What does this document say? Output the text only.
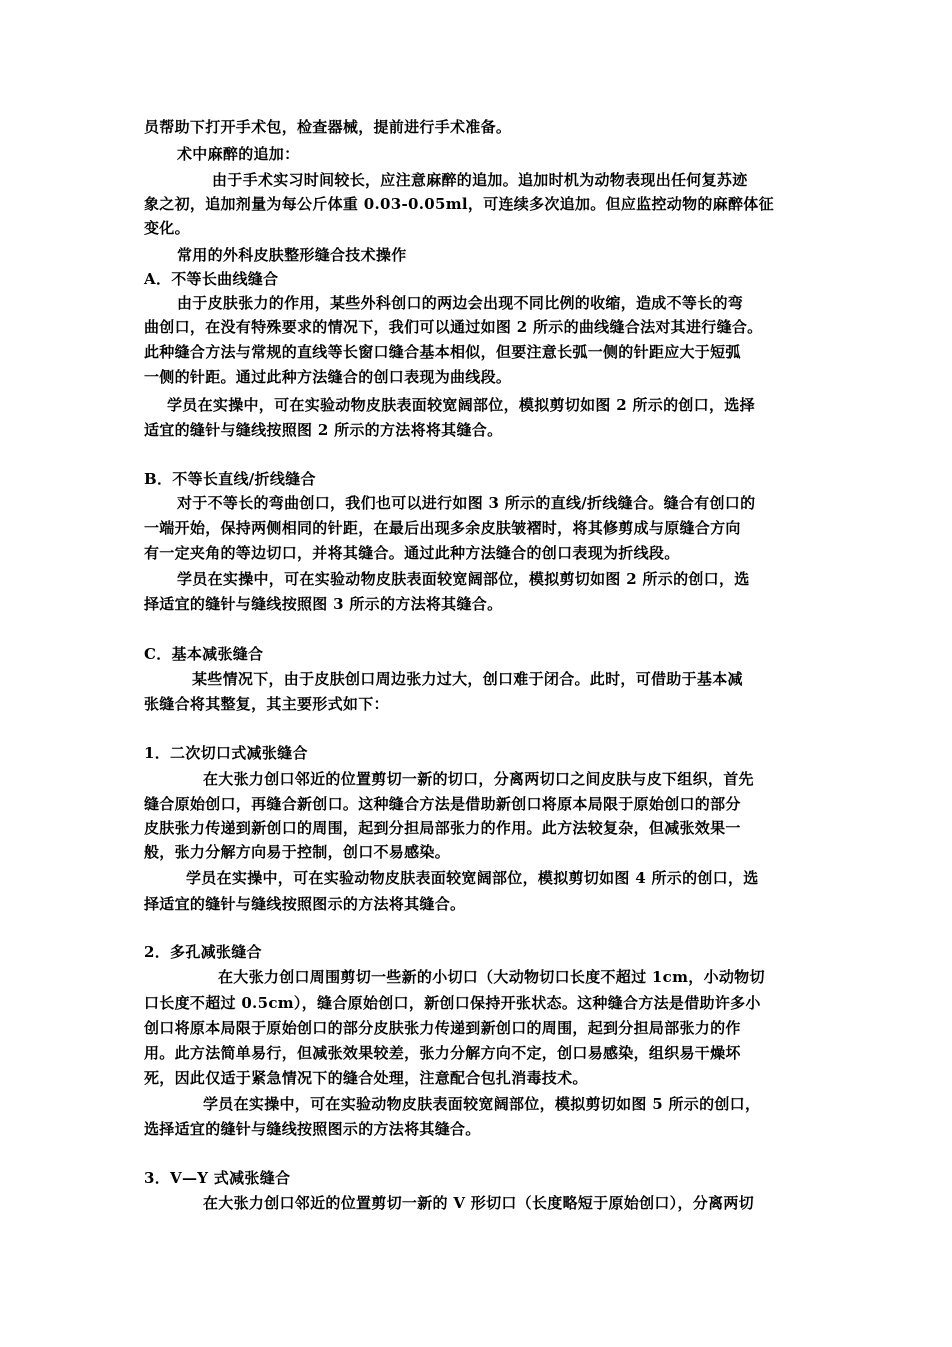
员帮助下打开手术包，检查器械，提前进行手术准备。
术中麻醉的追加：
由于手术实习时间较长，应注意麻醉的追加。追加时机为动物表现出任何复苏迹
象之初，追加剂量为每公斤体重 0.03-0.05ml，可连续多次追加。但应监控动物的麻醉体征
变化。
常用的外科皮肤整形缝合技术操作
A．不等长曲线缝合
由于皮肤张力的作用，某些外科创口的两边会出现不同比例的收缩，造成不等长的弯
曲创口，在没有特殊要求的情况下，我们可以通过如图 2 所示的曲线缝合法对其进行缝合。
此种缝合方法与常规的直线等长窗口缝合基本相似，但要注意长弧一侧的针距应大于短弧
一侧的针距。通过此种方法缝合的创口表现为曲线段。
学员在实操中，可在实验动物皮肤表面较宽阔部位，模拟剪切如图 2 所示的创口，选择
适宜的缝针与缝线按照图 2 所示的方法将将其缝合。
B．不等长直线/折线缝合
对于不等长的弯曲创口，我们也可以进行如图 3 所示的直线/折线缝合。缝合有创口的
一端开始，保持两侧相同的针距，在最后出现多余皮肤皱褶时，将其修剪成与原缝合方向
有一定夹角的等边切口，并将其缝合。通过此种方法缝合的创口表现为折线段。
学员在实操中，可在实验动物皮肤表面较宽阔部位，模拟剪切如图 2 所示的创口，选
择适宜的缝针与缝线按照图 3 所示的方法将其缝合。
C．基本减张缝合
某些情况下，由于皮肤创口周边张力过大，创口难于闭合。此时，可借助于基本减
张缝合将其整复，其主要形式如下：
1．二次切口式减张缝合
在大张力创口邻近的位置剪切一新的切口，分离两切口之间皮肤与皮下组织，首先
缝合原始创口，再缝合新创口。这种缝合方法是借助新创口将原本局限于原始创口的部分
皮肤张力传递到新创口的周围，起到分担局部张力的作用。此方法较复杂，但减张效果一
般，张力分解方向易于控制，创口不易感染。
学员在实操中，可在实验动物皮肤表面较宽阔部位，模拟剪切如图 4 所示的创口，选
择适宜的缝针与缝线按照图示的方法将其缝合。
2．多孔减张缝合
在大张力创口周围剪切一些新的小切口（大动物切口长度不超过 1cm，小动物切
口长度不超过 0.5cm），缝合原始创口，新创口保持开张状态。这种缝合方法是借助许多小
创口将原本局限于原始创口的部分皮肤张力传递到新创口的周围，起到分担局部张力的作
用。此方法简单易行，但减张效果较差，张力分解方向不定，创口易感染，组织易干燥坏
死，因此仅适于紧急情况下的缝合处理，注意配合包扎消毒技术。
学员在实操中，可在实验动物皮肤表面较宽阔部位，模拟剪切如图 5 所示的创口，
选择适宜的缝针与缝线按照图示的方法将其缝合。
3．V—Y 式减张缝合
在大张力创口邻近的位置剪切一新的 V 形切口（长度略短于原始创口），分离两切
